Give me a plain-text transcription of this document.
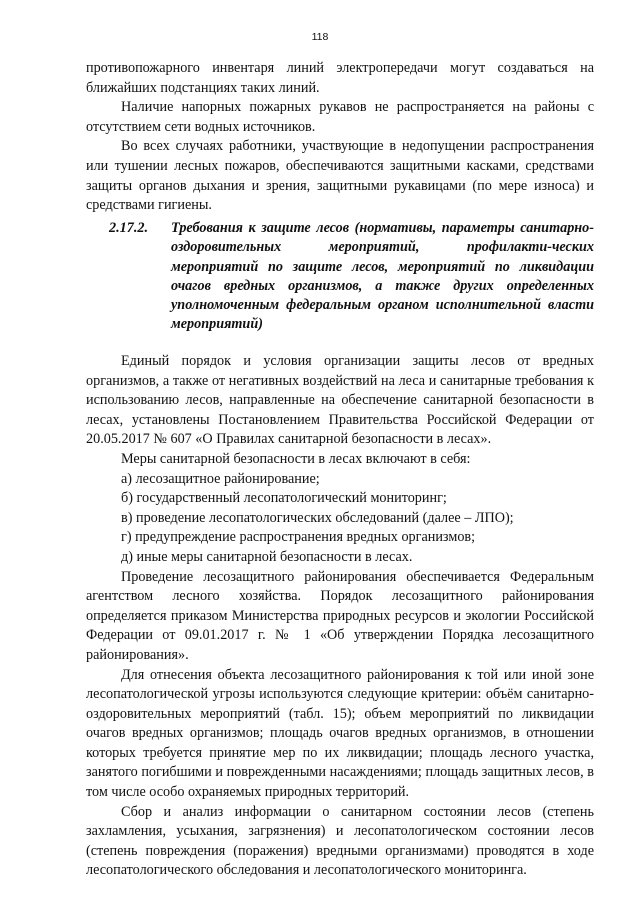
118

противопожарного инвентаря линий электропередачи могут создаваться на ближайших подстанциях таких линий.

Наличие напорных пожарных рукавов не распространяется на районы с отсутствием сети водных источников.

Во всех случаях работники, участвующие в недопущении распространения или тушении лесных пожаров, обеспечиваются защитными касками, средствами защиты органов дыхания и зрения, защитными рукавицами (по мере износа) и средствами гигиены.

2.17.2.	Требования к защите лесов (нормативы, параметры санитарно-оздоровительных мероприятий, профилакти-ческих мероприятий по защите лесов, мероприятий по ликвидации очагов вредных организмов, а также других определенных уполномоченным федеральным органом исполнительной власти мероприятий)

Единый порядок и условия организации защиты лесов от вредных организмов, а также от негативных воздействий на леса и санитарные требования к использованию лесов, направленные на обеспечение санитарной безопасности в лесах, установлены Постановлением Правительства Российской Федерации от 20.05.2017 № 607 «О Правилах санитарной безопасности в лесах».

Меры санитарной безопасности в лесах включают в себя:

а) лесозащитное районирование;

б) государственный лесопатологический мониторинг;

в) проведение лесопатологических обследований (далее – ЛПО);

г) предупреждение распространения вредных организмов;

д) иные меры санитарной безопасности в лесах.

Проведение лесозащитного районирования обеспечивается Федеральным агентством лесного хозяйства. Порядок лесозащитного районирования определяется приказом Министерства природных ресурсов и экологии Российской Федерации от 09.01.2017 г. № 1 «Об утверждении Порядка лесозащитного районирования».

Для отнесения объекта лесозащитного районирования к той или иной зоне лесопатологической угрозы используются следующие критерии: объём санитарно-оздоровительных мероприятий (табл. 15); объем мероприятий по ликвидации очагов вредных организмов; площадь очагов вредных организмов, в отношении которых требуется принятие мер по их ликвидации; площадь лесного участка, занятого погибшими и поврежденными насаждениями; площадь защитных лесов, в том числе особо охраняемых природных территорий.

Сбор и анализ информации о санитарном состоянии лесов (степень захламления, усыхания, загрязнения) и лесопатологическом состоянии лесов (степень повреждения (поражения) вредными организмами) проводятся в ходе лесопатологического обследования и лесопатологического мониторинга.
